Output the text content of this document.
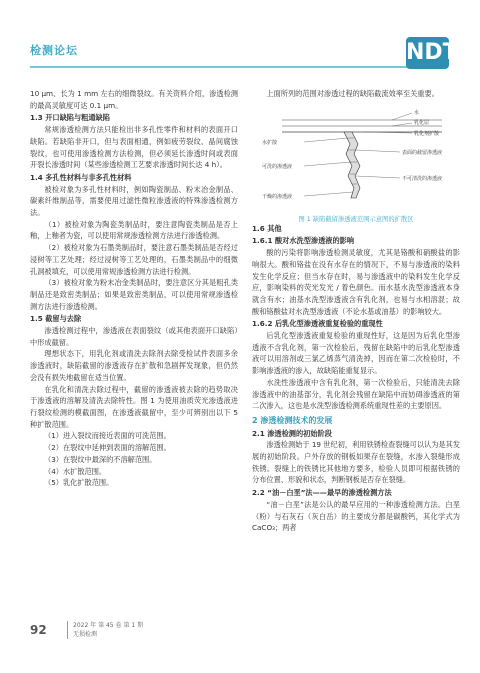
检测论坛	NDT

10 μm、长为 1 mm 左右的细微裂纹。有关资料介绍，渗透检测的最高灵敏度可达 0.1 μm。

1.3 开口缺陷与粗通缺陷

常规渗透检测方法只能检出非多孔性零件和材料的表面开口缺陷。若缺陷非开口，但与表面相通，例如疲劳裂纹、晶间腐蚀裂纹，也可使用渗透检测方法检测，但必须延长渗透时间或表面开裂长渗透时间（某些渗透检测工艺要求渗透时间长达 4 h）。

1.4 多孔性材料与非多孔性材料

被检对象为多孔性材料时，例如陶瓷制品、粉末冶金制品、碳素纤维制品等，需要使用过滤性微粒渗透液的特殊渗透检测方法。

（1）被检对象为陶瓷类制品时，要注意陶瓷类制品是否上釉，上釉者为瓷，可以使用常规渗透检测方法进行渗透检测。

（2）被检对象为石墨类制品时，要注意石墨类制品是否经过浸树等工艺处理；经过浸树等工艺处理的，石墨类制品中的细微孔洞被填充，可以使用常规渗透检测方法进行检测。

（3）被检对象为粉末冶金类制品时，要注意区分其是粗孔类制品还是致密类制品；如果是致密类制品，可以使用常规渗透检测方法进行渗透检测。

1.5 截留与去除

渗透检测过程中，渗透液在表面裂纹（或其他表面开口缺陷）中形成截留。

理想状态下，用乳化剂或清洗去除剂去除受检试件表面多余渗透液时，缺陷截留的渗透液存在扩散和急剧挥发现象，但仍然会没有损失地截留在适当位置。

在乳化和清洗去除过程中，截留的渗透液被去除的趋势取决于渗透液的溶解及清洗去除特性。图 1 为使用油质荧光渗透液进行裂纹检测的模截面图，在渗透液截留中，至少可辨别出以下 5 种扩散范围。

（1）进入裂纹而接近表面的可洗范围。

（2）在裂纹中延伸到表面的溶解范围。

（3）在裂纹中最深的不溶解范围。

（4）水扩散范围。

（5）乳化扩散范围。

上面所列的范围对渗透过程的缺陷截流效率至关重要。

水
乳化层
乳化剂扩散
水扩散
表面的截留渗透液
可洗的渗透液
不可清洗的渗透液
干燥的渗透液
图 1 缺陷截留渗透液范围示意图的扩散区

1.6 其他

1.6.1 酸对水洗型渗透液的影响

酸的污染将影响渗透检测灵敏度，尤其是铬酸和硝酸盐的影响很大。酸和铬盐在没有水存在的情况下，不易与渗透液的染料发生化学反应；但当水存在时，易与渗透液中的染料发生化学反应，影响染料的荧光发光 / 着色颜色。而水基水洗型渗透液本身就含有水；油基水洗型渗透液含有乳化剂，也易与水相溶混；故酸和铬酸盐对水洗型渗透液（不论水基或油基）的影响较大。

1.6.2 后乳化型渗透液重复检验的重现性

后乳化型渗透液重复检验的重现性好，这是因为后乳化型渗透液不含乳化剂，第一次检验后，残留在缺陷中的后乳化型渗透液可以用溶剂或三氯乙烯蒸气清洗掉，因而在第二次检验时，不影响渗透液的渗入，故缺陷能重复显示。

水洗性渗透液中含有乳化剂，第一次检验后，只能清洗去除渗透液中的油基部分，乳化剂会残留在缺陷中而妨碍渗透液的第二次渗入，这也是水洗型渗透检测系统重现性差的主要原因。

2 渗透检测技术的发展

2.1 渗透检测的初始阶段

渗透检测始于 19 世纪初，利用铁锈检查裂缝可以认为是其发展的初始阶段。户外存放的钢板如果存在裂缝，水渗入裂缝形成铁锈。裂缝上的铁锈比其他地方要多，检验人员即可根据铁锈的分布位置、形貌和状态，判断钢板是否存在裂缝。

2.2 “油－白垩”法——最早的渗透检测方法

“油－白垩”法是公认的最早应用的一种渗透检测方法。白垩（粉）与石灰石（灰白岳）的主要成分都是碳酸钙，其化学式为 CaCO₃；两者

92	2022 年 第 45 卷 第 1 期
无损检测
